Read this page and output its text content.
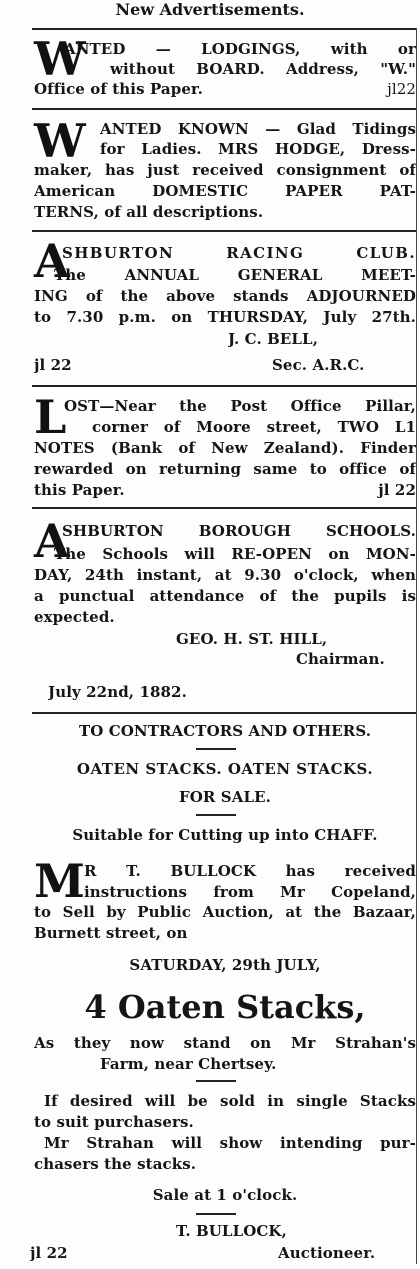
New Advertisements.
W
ANTED — LODGINGS, with or
without BOARD. Address, "W."
Office of this Paper.	jl22
W ANTED KNOWN — Glad Tidings
for Ladies. MRS HODGE, Dress-
maker, has just received consignment of
American DOMESTIC PAPER PAT-
TERNS, of all descriptions.
A
SHBURTON RACING CLUB.
The ANNUAL GENERAL MEET-
ING of the above stands ADJOURNED
to 7.30 p.m. on THURSDAY, July 27th.
J. C. BELL,
jl 22	Sec. A.R.C.
L
OST—Near the Post Office Pillar,
corner of Moore street, TWO L1
NOTES (Bank of New Zealand). Finder
rewarded on returning same to office of
this Paper.	jl 22
A
SHBURTON BOROUGH SCHOOLS.
The Schools will RE-OPEN on MON-
DAY, 24th instant, at 9.30 o'clock, when
a punctual attendance of the pupils is
expected.
GEO. H. ST. HILL,
Chairman.
July 22nd, 1882.
TO CONTRACTORS AND OTHERS.
OATEN STACKS. OATEN STACKS.
FOR SALE.
Suitable for Cutting up into CHAFF.
M R T. BULLOCK has received
instructions from Mr Copeland,
to Sell by Public Auction, at the Bazaar,
Burnett street, on
SATURDAY, 29th JULY,
4 Oaten Stacks,
As they now stand on Mr Strahan's
Farm, near Chertsey.
If desired will be sold in single Stacks
to suit purchasers.
Mr Strahan will show intending pur-
chasers the stacks.
Sale at 1 o'clock.
T. BULLOCK,
jl 22	Auctioneer.
